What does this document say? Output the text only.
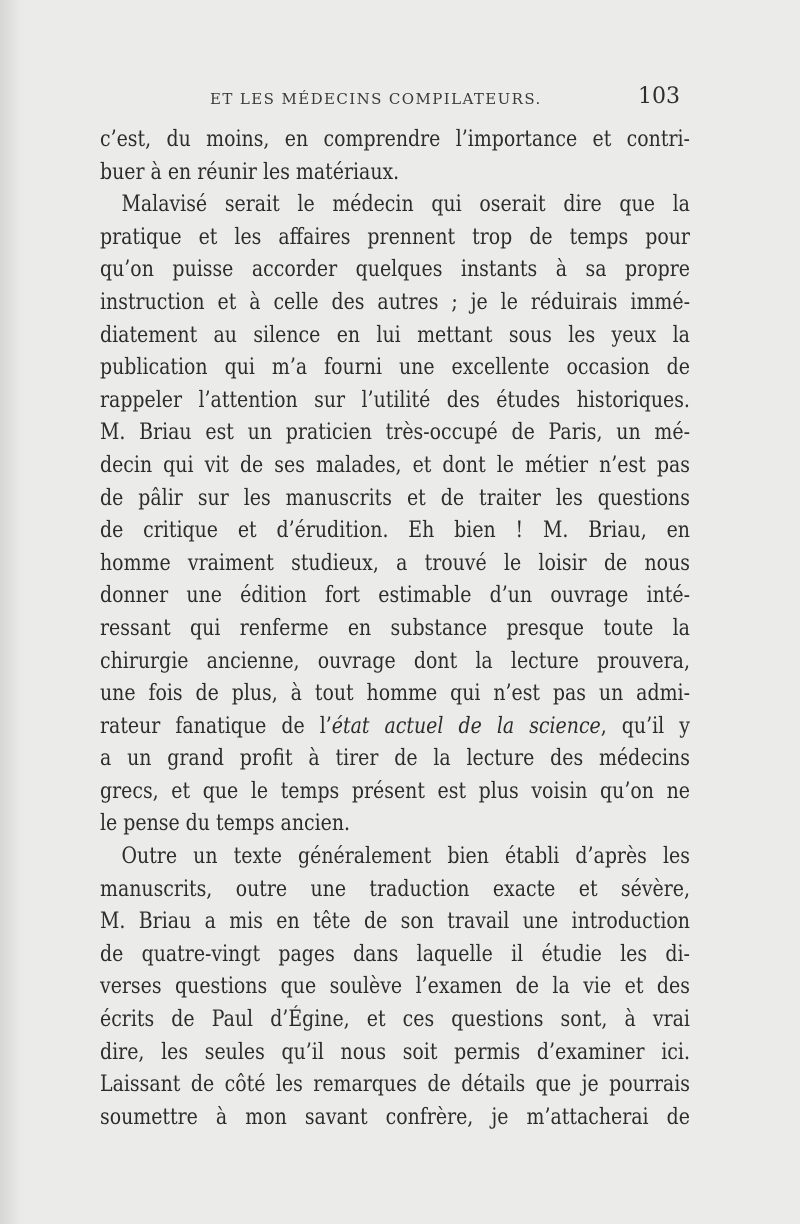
ET LES MÉDECINS COMPILATEURS.	103
c’est, du moins, en comprendre l’importance et contri-
buer à en réunir les matériaux.
Malavisé serait le médecin qui oserait dire que la
pratique et les affaires prennent trop de temps pour
qu’on puisse accorder quelques instants à sa propre
instruction et à celle des autres ; je le réduirais immé-
diatement au silence en lui mettant sous les yeux la
publication qui m’a fourni une excellente occasion de
rappeler l’attention sur l’utilité des études historiques.
M. Briau est un praticien très-occupé de Paris, un mé-
decin qui vit de ses malades, et dont le métier n’est pas
de pâlir sur les manuscrits et de traiter les questions
de critique et d’érudition. Eh bien ! M. Briau, en
homme vraiment studieux, a trouvé le loisir de nous
donner une édition fort estimable d’un ouvrage inté-
ressant qui renferme en substance presque toute la
chirurgie ancienne, ouvrage dont la lecture prouvera,
une fois de plus, à tout homme qui n’est pas un admi-
rateur fanatique de l’état actuel de la science, qu’il y
a un grand profit à tirer de la lecture des médecins
grecs, et que le temps présent est plus voisin qu’on ne
le pense du temps ancien.
Outre un texte généralement bien établi d’après les
manuscrits, outre une traduction exacte et sévère,
M. Briau a mis en tête de son travail une introduction
de quatre-vingt pages dans laquelle il étudie les di-
verses questions que soulève l’examen de la vie et des
écrits de Paul d’Égine, et ces questions sont, à vrai
dire, les seules qu’il nous soit permis d’examiner ici.
Laissant de côté les remarques de détails que je pourrais
soumettre à mon savant confrère, je m’attacherai de
